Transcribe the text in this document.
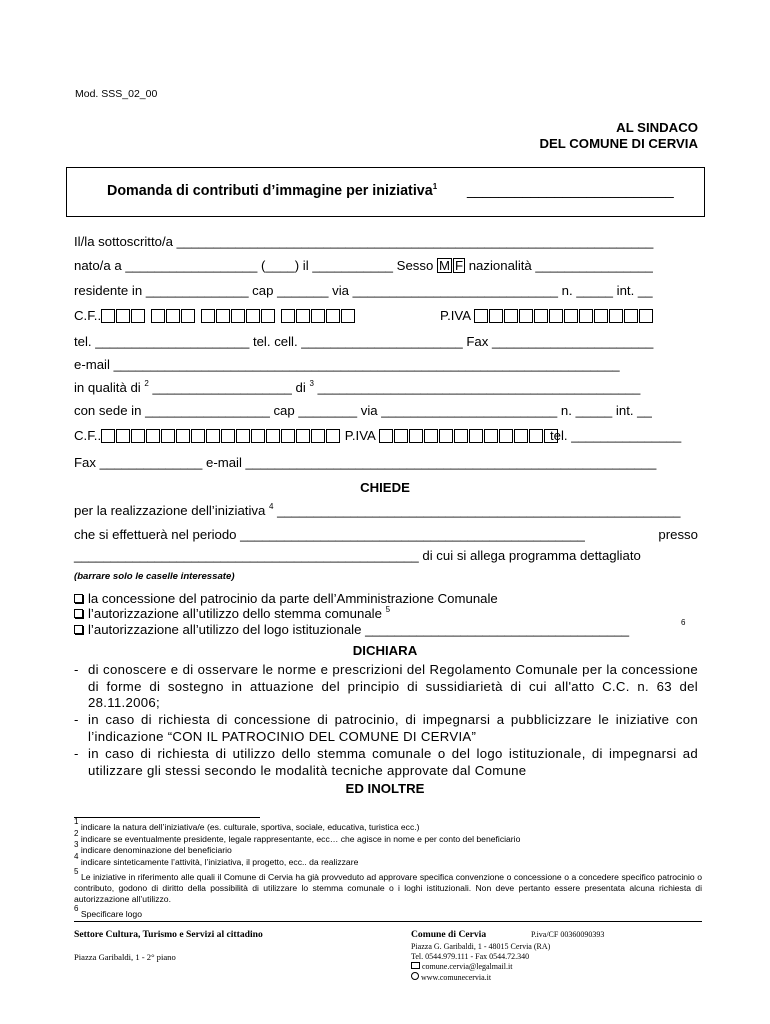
Mod. SSS_02_00
AL SINDACO
DEL COMUNE DI CERVIA
Domanda di contributi d’immagine per iniziativa$^1$ __________________________
Il/la sottoscritto/a _________________________________________________________________
nato/a a __________________ (____) il ___________ Sesso M F nazionalità ________________
residente in ______________ cap _______ via ____________________________ n. _____ int. __
C.F..	P.IVA
tel. _____________________ tel. cell. ______________________ Fax ______________________
e-mail _____________________________________________________________________
in qualità di $^2$ ___________________ di $^3$ ____________________________________________
con sede in _________________ cap ________ via ________________________ n. _____ int. __
C.F..	P.IVA	tel. _______________
Fax ______________ e-mail ________________________________________________________
CHIEDE
per la realizzazione dell’iniziativa $^4$ _______________________________________________________
che si effettuerà nel periodo _______________________________________________	presso
_______________________________________________ di cui si allega programma dettagliato
(barrare solo le caselle interessate)
la concessione del patrocinio da parte dell’Amministrazione Comunale
l’autorizzazione all’utilizzo dello stemma comunale $^5$
l’autorizzazione all’utilizzo del logo istituzionale ____________________________________	6
DICHIARA
- di conoscere e di osservare le norme e prescrizioni del Regolamento Comunale per la concessione di forme di sostegno in attuazione del principio di sussidiarietà di cui all'atto C.C. n. 63 del 28.11.2006;
- in caso di richiesta di concessione di patrocinio, di impegnarsi a pubblicizzare le iniziative con l’indicazione “CON IL PATROCINIO DEL COMUNE DI CERVIA”
- in caso di richiesta di utilizzo dello stemma comunale o del logo istituzionale, di impegnarsi ad utilizzare gli stessi secondo le modalità tecniche approvate dal Comune
ED INOLTRE
$^1$ indicare la natura dell’iniziativa/e (es. culturale, sportiva, sociale, educativa, turistica ecc.)
$^2$ indicare se eventualmente presidente, legale rappresentante, ecc… che agisce in nome e per conto del beneficiario
$^3$ indicare denominazione del beneficiario
$^4$ indicare sinteticamente l’attività, l’iniziativa, il progetto, ecc.. da realizzare
$^5$ Le iniziative in riferimento alle quali il Comune di Cervia ha già provveduto ad approvare specifica convenzione o concessione o a concedere specifico patrocinio o contributo, godono di diritto della possibilità di utilizzare lo stemma comunale o i loghi istituzionali. Non deve pertanto essere presentata alcuna richiesta di autorizzazione all’utilizzo.
$^6$ Specificare logo
Settore Cultura, Turismo e Servizi al cittadino
Piazza Garibaldi, 1 - 2° piano
Comune di Cervia	P.iva/CF 00360090393
Piazza G. Garibaldi, 1 - 48015 Cervia (RA)
Tel. 0544.979.111 - Fax 0544.72.340
comune.cervia@legalmail.it
www.comunecervia.it
